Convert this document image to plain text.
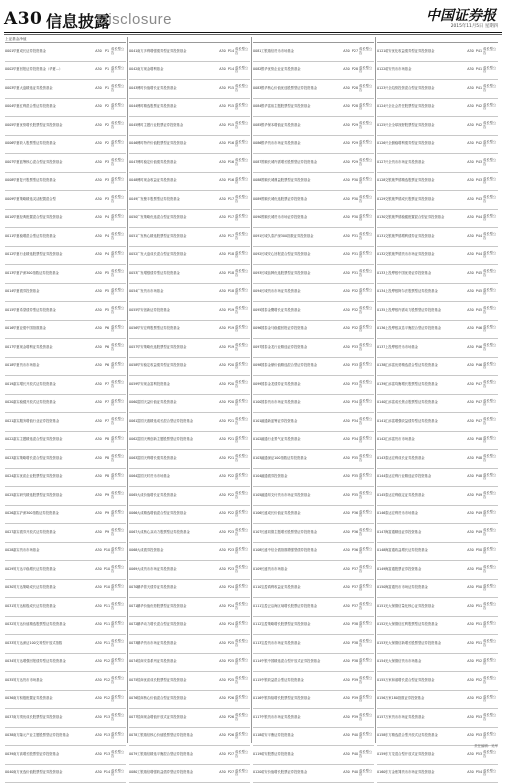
A30 信息披露
Disclosure	中国证券报
2015年11月5日 星期四
上证基金净值
0001 华夏成长证券投资基金	A30 P1 成长型公告
0002 华夏回报证券投资基金（华夏...）	A30 P1 成长型公告
0003 华夏大盘精选证券投资基金	A30 P1 成长型公告
0004 华夏红利混合型证券投资基金	A30 P2 成长型公告
0005 华夏优势增长股票型证券投资基金	A30 P2 成长型公告
0006 华夏收入股票型证券投资基金	A30 P2 成长型公告
0007 华夏蓝筹核心混合型证券投资基金	A30 P3 成长型公告
0008 华夏复兴股票型证券投资基金	A30 P3 成长型公告
0009 华夏策略精选灵活配置混合型	A30 P3 成长型公告
0010 华夏经典配置混合型证券投资基金	A30 P4 成长型公告
0011 华夏稳增混合型证券投资基金	A30 P4 成长型公告
0012 华夏行业精选股票型证券投资基金	A30 P4 成长型公告
0013 华夏沪深300指数证券投资基金	A30 P5 成长型公告
0014 华夏债券投资基金	A30 P5 成长型公告
0015 华夏希望债券型证券投资基金	A30 P5 成长型公告
0016 华夏亚债中国指数基金	A30 P6 成长型公告
0017 华夏现金增利证券投资基金	A30 P6 成长型公告
0018 华夏货币市场基金	A30 P6 成长型公告
0019 嘉实增长开放式证券投资基金	A30 P7 成长型公告
0020 嘉实稳健开放式证券投资基金	A30 P7 成长型公告
0021 嘉实服务增值行业证券投资基金	A30 P7 成长型公告
0022 嘉实主题精选混合型证券投资基金	A30 P8 成长型公告
0023 嘉实策略增长混合型证券投资基金	A30 P8 成长型公告
0024 嘉实优质企业股票型证券投资基金	A30 P8 成长型公告
0025 嘉实研究精选股票型证券投资基金	A30 P9 成长型公告
0026 嘉实沪深300指数证券投资基金	A30 P9 成长型公告
0027 嘉实债券开放式证券投资基金	A30 P9 成长型公告
0028 嘉实货币市场基金	A30 P10 成长型公告
0029 易方达平稳增长证券投资基金	A30 P10 成长型公告
0030 易方达策略成长证券投资基金	A30 P10 成长型公告
0031 易方达积极成长证券投资基金	A30 P11 成长型公告
0032 易方达价值精选股票型证券投资基金	A30 P11 成长型公告
0033 易方达深证100交易型开放式指数	A30 P11 成长型公告
0034 易方达增强回报债券型证券投资基金	A30 P12 成长型公告
0035 易方达货币市场基金	A30 P12 成长型公告
0036 南方积极配置证券投资基金	A30 P12 成长型公告
0037 南方绩优成长股票型证券投资基金	A30 P13 成长型公告
0038 南方隆元产业主题股票型证券投资基金	A30 P13 成长型公告
0039 南方高增长股票型证券投资基金	A30 P13 成长型公告
0040 南方优选价值股票型证券投资基金	A30 P14 成长型公告
0041 南方多利增强债券型证券投资基金	A30 P14 成长型公告
0042 南方现金增利基金	A30 P14 成长型公告
0043 博时价值增长证券投资基金	A30 P15 成长型公告
0044 博时精选股票证券投资基金	A30 P15 成长型公告
0045 博时主题行业股票证券投资基金	A30 P15 成长型公告
0046 博时特许价值股票型证券投资基金	A30 P16 成长型公告
0047 博时稳定价值债券投资基金	A30 P16 成长型公告
0048 博时现金收益证券投资基金	A30 P16 成长型公告
0049 广发聚丰股票型证券投资基金	A30 P17 成长型公告
0050 广发策略优选混合型证券投资基金	A30 P17 成长型公告
0051 广发核心精选股票型证券投资基金	A30 P17 成长型公告
0052 广发大盘成长混合型证券投资基金	A30 P18 成长型公告
0053 广发增强债券型证券投资基金	A30 P18 成长型公告
0054 广发货币市场基金	A30 P18 成长型公告
0055 华安创新证券投资基金	A30 P19 成长型公告
0056 华安宏利股票型证券投资基金	A30 P19 成长型公告
0057 华安策略优选股票型证券投资基金	A30 P19 成长型公告
0058 华安稳定收益债券型证券投资基金	A30 P20 成长型公告
0059 华安现金富利投资基金	A30 P20 成长型公告
0060 富国天益价值证券投资基金	A30 P20 成长型公告
0061 富国天惠精选成长混合型证券投资基金	A30 P21 成长型公告
0062 富国天博创新主题股票型证券投资基金	A30 P21 成长型公告
0063 富国天利增长债券投资基金	A30 P21 成长型公告
0064 富国天时货币市场基金	A30 P22 成长型公告
0065 大成价值增长证券投资基金	A30 P22 成长型公告
0066 大成精选增值混合型证券投资基金	A30 P22 成长型公告
0067 大成核心双动力股票型证券投资基金	A30 P23 成长型公告
0068 大成债券投资基金	A30 P23 成长型公告
0069 大成货币市场证券投资基金	A30 P23 成长型公告
0070 鹏华普天债券证券投资基金	A30 P24 成长型公告
0071 鹏华价值优势股票型证券投资基金	A30 P24 成长型公告
0072 鹏华动力增长混合型证券投资基金	A30 P24 成长型公告
0073 鹏华货币市场证券投资基金	A30 P25 成长型公告
0074 招商安泰系列证券投资基金	A30 P25 成长型公告
0075 招商优质成长股票型证券投资基金	A30 P25 成长型公告
0076 招商核心价值混合型证券投资基金	A30 P26 成长型公告
0077 招商现金增值开放式证券投资基金	A30 P26 成长型公告
0078 工银瑞信核心价值股票型证券投资基金	A30 P26 成长型公告
0079 工银瑞信精选平衡混合型证券投资基金	A30 P27 成长型公告
0080 工银瑞信增强收益债券型证券投资基金	A30 P27 成长型公告
0081 工银瑞信货币市场基金	A30 P27 成长型公告
0082 银华优势企业证券投资基金	A30 P28 成长型公告
0083 银华核心价值优选股票型证券投资基金	A30 P28 成长型公告
0084 银华富裕主题股票型证券投资基金	A30 P28 成长型公告
0085 银华保本增值证券投资基金	A30 P29 成长型公告
0086 银华货币市场证券投资基金	A30 P29 成长型公告
0087 景顺长城内需增长股票型证券投资基金	A30 P29 成长型公告
0088 景顺长城鼎益股票型证券投资基金	A30 P30 成长型公告
0089 景顺长城优选股票证券投资基金	A30 P30 成长型公告
0090 景顺长城货币市场证券投资基金	A30 P30 成长型公告
0091 长城久泰沪深300指数证券投资基金	A30 P31 成长型公告
0092 长城安心回报混合型证券投资基金	A30 P31 成长型公告
0093 长城品牌优选股票型证券投资基金	A30 P31 成长型公告
0094 长城货币市场证券投资基金	A30 P32 成长型公告
0095 国泰金鹰增长证券投资基金	A30 P32 成长型公告
0096 国泰金马稳健回报证券投资基金	A30 P32 成长型公告
0097 国泰金龙行业精选证券投资基金	A30 P33 成长型公告
0098 国泰金鼎价值精选混合型证券投资基金	A30 P33 成长型公告
0099 国泰金龙债券证券投资基金	A30 P33 成长型公告
0100 国泰货币市场证券投资基金	A30 P34 成长型公告
0101 融通新蓝筹证券投资基金	A30 P34 成长型公告
0102 融通行业景气证券投资基金	A30 P34 成长型公告
0103 融通深证100指数证券投资基金	A30 P35 成长型公告
0104 融通债券投资基金	A30 P35 成长型公告
0105 融通易支付货币市场证券投资基金	A30 P35 成长型公告
0106 长盛成长价值证券投资基金	A30 P36 成长型公告
0107 长盛同德主题增长股票型证券投资基金	A30 P36 成长型公告
0108 长盛中信全债指数增强型债券投资基金	A30 P36 成长型公告
0109 长盛货币市场基金	A30 P37 成长型公告
0110 宝盈鸿利收益证券投资基金	A30 P37 成长型公告
0111 宝盈泛沿海区域增长股票证券投资基金	A30 P37 成长型公告
0112 宝盈策略增长股票型证券投资基金	A30 P38 成长型公告
0113 宝盈货币市场证券投资基金	A30 P38 成长型公告
0114 中银中国精选混合型开放式证券投资基金	A30 P38 成长型公告
0115 中银收益混合型证券投资基金	A30 P39 成长型公告
0116 中银持续增长股票型证券投资基金	A30 P39 成长型公告
0117 中银货币市场证券投资基金	A30 P39 成长型公告
0118 诺安平衡证券投资基金	A30 P40 成长型公告
0119 诺安股票证券投资基金	A30 P40 成长型公告
0120 诺安价值增长股票证券投资基金	A30 P40 成长型公告
0121 诺安优化收益债券型证券投资基金	A30 P41 成长型公告
0122 诺安货币市场基金	A30 P41 成长型公告
0123 兴全趋势投资混合型证券投资基金	A30 P41 成长型公告
0124 兴全社会责任股票型证券投资基金	A30 P42 成长型公告
0125 兴全全球视野股票型证券投资基金	A30 P42 成长型公告
0126 兴全磐稳增利债券型证券投资基金	A30 P42 成长型公告
0127 兴全货币市场证券投资基金	A30 P43 成长型公告
0128 交银施罗德精选股票证券投资基金	A30 P43 成长型公告
0129 交银施罗德成长股票证券投资基金	A30 P43 成长型公告
0130 交银施罗德稳健配置混合型证券投资基金	A30 P44 成长型公告
0131 交银施罗德增利债券证券投资基金	A30 P44 成长型公告
0132 交银施罗德货币市场证券投资基金	A30 P44 成长型公告
0133 上投摩根中国优势证券投资基金	A30 P45 成长型公告
0134 上投摩根阿尔法股票型证券投资基金	A30 P45 成长型公告
0135 上投摩根内需动力股票型证券投资基金	A30 P45 成长型公告
0136 上投摩根双息平衡混合型证券投资基金	A30 P46 成长型公告
0137 上投摩根货币市场基金	A30 P46 成长型公告
0138 汇添富优势精选混合型证券投资基金	A30 P46 成长型公告
0139 汇添富均衡增长股票型证券投资基金	A30 P47 成长型公告
0140 汇添富成长焦点股票型证券投资基金	A30 P47 成长型公告
0141 汇添富增强收益债券型证券投资基金	A30 P47 成长型公告
0142 汇添富货币市场基金	A30 P48 成长型公告
0143 泰达宏利成长证券投资基金	A30 P48 成长型公告
0144 泰达宏利行业精选证券投资基金	A30 P48 成长型公告
0145 泰达宏利稳定证券投资基金	A30 P49 成长型公告
0146 泰达宏利货币市场基金	A30 P49 成长型公告
0147 海富通精选证券投资基金	A30 P49 成长型公告
0148 海富通收益增长证券投资基金	A30 P50 成长型公告
0149 海富通股票证券投资基金	A30 P50 成长型公告
0150 海富通货币市场证券投资基金	A30 P50 成长型公告
0151 光大保德信量化核心证券投资基金	A30 P51 成长型公告
0152 光大保德信红利股票型证券投资基金	A30 P51 成长型公告
0153 光大保德信新增长股票型证券投资基金	A30 P51 成长型公告
0154 光大保德信货币市场基金	A30 P52 成长型公告
0155 万家和谐增长混合型证券投资基金	A30 P52 成长型公告
0156 万家180指数证券投资基金	A30 P52 成长型公告
0157 万家货币市场证券投资基金	A30 P53 成长型公告
0158 东方精选混合型开放式证券投资基金	A30 P53 成长型公告
0159 东方龙混合型开放式证券投资基金	A30 P53 成长型公告
0160 东方金账簿货币市场证券投资基金	A30 P54 成长型公告
责任编辑：吴军
